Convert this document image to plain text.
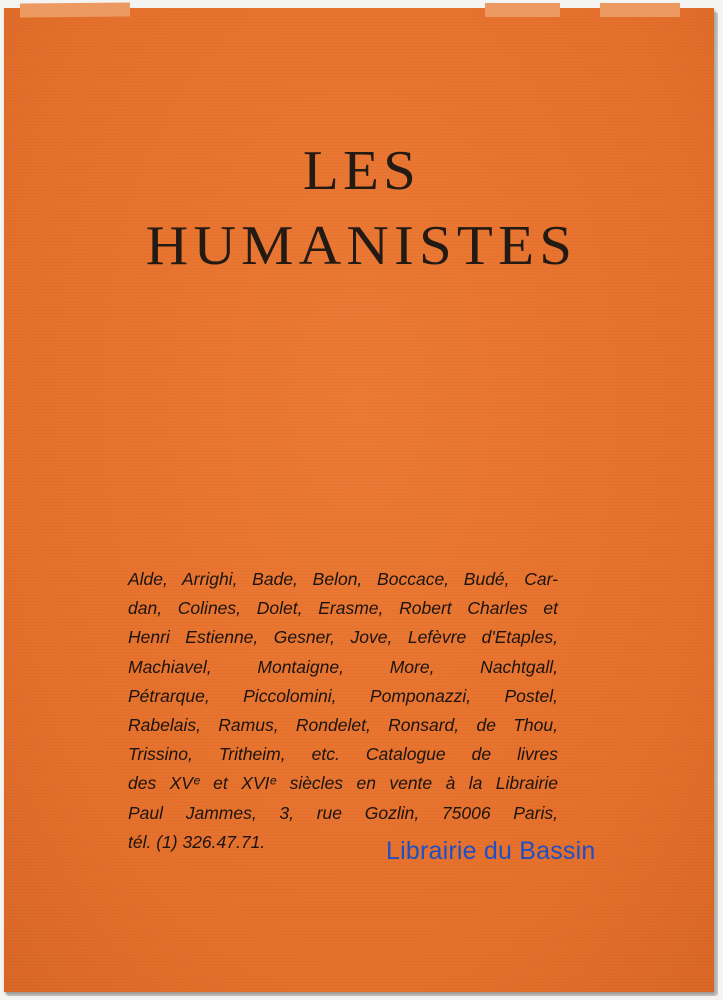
LES
HUMANISTES
Alde, Arrighi, Bade, Belon, Boccace, Budé, Car-
dan, Colines, Dolet, Erasme, Robert Charles et
Henri Estienne, Gesner, Jove, Lefèvre d'Etaples,
Machiavel, Montaigne, More, Nachtgall,
Pétrarque, Piccolomini, Pomponazzi, Postel,
Rabelais, Ramus, Rondelet, Ronsard, de Thou,
Trissino, Tritheim, etc. Catalogue de livres
des XVᵉ et XVIᵉ siècles en vente à la Librairie
Paul Jammes, 3, rue Gozlin, 75006 Paris,
tél. (1) 326.47.71.	Librairie du Bassin
